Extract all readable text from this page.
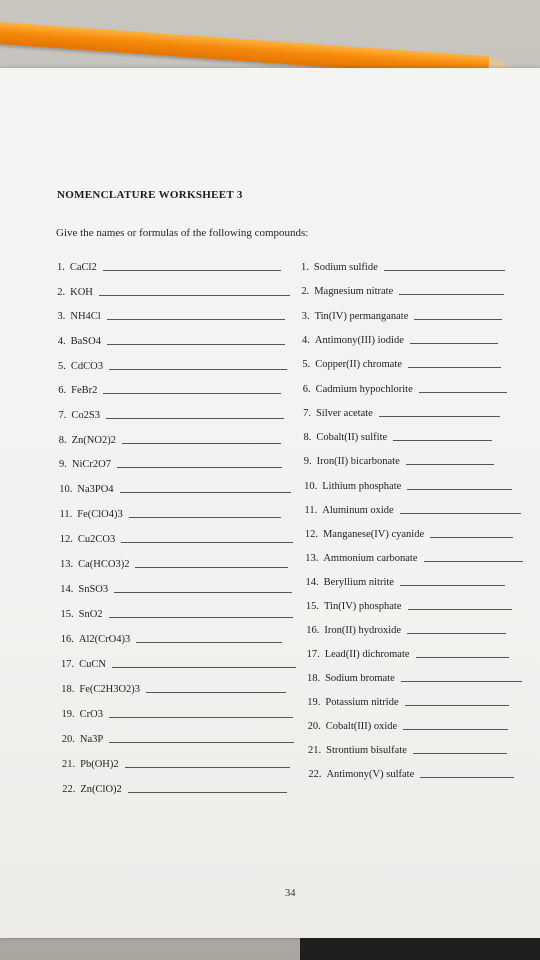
NOMENCLATURE WORKSHEET 3
Give the names or formulas of the following compounds:
1. CaCl2
2. KOH
3. NH4Cl
4. BaSO4
5. CdCO3
6. FeBr2
7. Co2S3
8. Zn(NO2)2
9. NiCr2O7
10. Na3PO4
11. Fe(ClO4)3
12. Cu2CO3
13. Ca(HCO3)2
14. SnSO3
15. SnO2
16. Al2(CrO4)3
17. CuCN
18. Fe(C2H3O2)3
19. CrO3
20. Na3P
21. Pb(OH)2
22. Zn(ClO)2
1. Sodium sulfide
2. Magnesium nitrate
3. Tin(IV) permanganate
4. Antimony(III) iodide
5. Copper(II) chromate
6. Cadmium hypochlorite
7. Silver acetate
8. Cobalt(II) sulfite
9. Iron(II) bicarbonate
10. Lithium phosphate
11. Aluminum oxide
12. Manganese(IV) cyanide
13. Ammonium carbonate
14. Beryllium nitrite
15. Tin(IV) phosphate
16. Iron(II) hydroxide
17. Lead(II) dichromate
18. Sodium bromate
19. Potassium nitride
20. Cobalt(III) oxide
21. Strontium bisulfate
22. Antimony(V) sulfate
34
